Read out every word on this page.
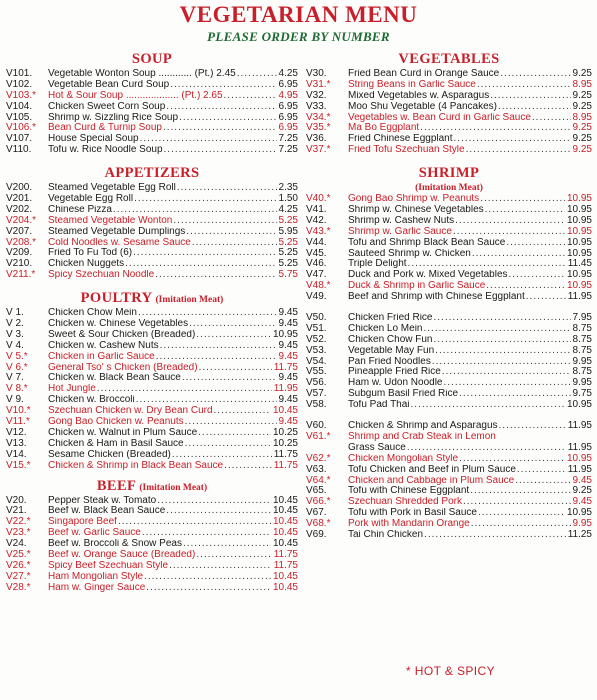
VEGETARIAN MENU
PLEASE ORDER BY NUMBER
SOUP
V101.	Vegetable Wonton Soup ............ (Pt.) 2.45 .....	4.25
V102.	Vegetable Bean Curd Soup .....	6.95
V103.*	Hot & Sour Soup ................... (Pt.) 2.65 .....	4.95
V104.	Chicken Sweet Corn Soup .....	6.95
V105.	Shrimp w. Sizzling Rice Soup .....	6.95
V106.*	Bean Curd & Turnip Soup .....	6.95
V107.	House Special Soup .....	7.25
V110.	Tofu w. Rice Noodle Soup .....	7.25
APPETIZERS
V200.	Steamed Vegetable Egg Roll .....	2.35
V201.	Vegetable Egg Roll .....	1.50
V202.	Chinese Pizza .....	4.25
V204.*	Steamed Vegetable Wonton .....	5.25
V207.	Steamed Vegetable Dumplings .....	5.95
V208.*	Cold Noodles w. Sesame Sauce .....	5.25
V209.	Fried To Fu Tod (6) .....	5.25
V210.	Chicken Nuggets .....	5.25
V211.*	Spicy Szechuan Noodle .....	5.75
POULTRY (Imitation Meat)
V 1.	Chicken Chow Mein .....	9.45
V 2.	Chicken w. Chinese Vegetables .....	9.45
V 3.	Sweet & Sour Chicken (Breaded) .....	10.95
V 4.	Chicken w. Cashew Nuts .....	9.45
V 5.*	Chicken in Garlic Sauce .....	9.45
V 6.*	General Tso' s Chicken (Breaded) .....	11.75
V 7.	Chicken w. Black Bean Sauce .....	9.45
V 8.*	Hot Jungle .....	11.95
V 9.	Chicken w. Broccoli .....	9.45
V10.*	Szechuan Chicken w. Dry Bean Curd .....	10.45
V11.*	Gong Bao Chicken w. Peanuts .....	9.45
V12.	Chicken w. Walnut in Plum Sauce .....	10.25
V13.	Chicken & Ham in Basil Sauce .....	10.25
V14.	Sesame Chicken (Breaded) .....	11.75
V15.*	Chicken & Shrimp in Black Bean Sauce .....	11.75
BEEF (Imitation Meat)
V20.	Pepper Steak w. Tomato .....	10.45
V21.	Beef w. Black Bean Sauce .....	10.45
V22.*	Singapore Beef .....	10.45
V23.*	Beef w. Garlic Sauce .....	10.45
V24.	Beef w. Broccoli & Snow Peas .....	10.45
V25.*	Beef w. Orange Sauce (Breaded) .....	11.75
V26.*	Spicy Beef Szechuan Style .....	11.75
V27.*	Ham Mongolian Style .....	10.45
V28.*	Ham w. Ginger Sauce .....	10.45
VEGETABLES
V30.	Fried Bean Curd in Orange Sauce .....	9.25
V31.*	String Beans in Garlic Sauce .....	8.95
V32.	Mixed Vegetables w. Asparagus .....	9.25
V33.	Moo Shu Vegetable (4 Pancakes) .....	9.25
V34.*	Vegetables w. Bean Curd in Garlic Sauce .....	8.95
V35.*	Ma Bo Eggplant .....	9.25
V36.	Fried Chinese Eggplant .....	9.25
V37.*	Fried Tofu Szechuan Style .....	9.25
SHRIMP
(Imitation Meat)
V40.*	Gong Bao Shrimp w. Peanuts .....	10.95
V41.	Shrimp w. Chinese Vegetables .....	10.95
V42.	Shrimp w. Cashew Nuts .....	10.95
V43.*	Shrimp w. Garlic Sauce .....	10.95
V44.	Tofu and Shrimp Black Bean Sauce .....	10.95
V45.	Sauteed Shrimp w. Chicken .....	10.95
V46.	Triple Delight .....	11.45
V47.	Duck and Pork w. Mixed Vegetables .....	10.95
V48.*	Duck & Shrimp in Garlic Sauce .....	10.95
V49.	Beef and Shrimp with Chinese Eggplant .....	11.95
V50.	Chicken Fried Rice .....	7.95
V51.	Chicken Lo Mein .....	8.75
V52.	Chicken Chow Fun .....	8.75
V53.	Vegetable May Fun .....	8.75
V54.	Pan Fried Noodles .....	9.95
V55.	Pineapple Fried Rice .....	8.75
V56.	Ham w. Udon Noodle .....	9.95
V57.	Subgum Basil Fried Rice .....	9.75
V58.	Tofu Pad Thai .....	10.95
V60.	Chicken & Shrimp and Asparagus .....	11.95
V61.*	Shrimp and Crab Steak in Lemon
Grass Sauce .....	11.95
V62.*	Chicken Mongolian Style .....	10.95
V63.	Tofu Chicken and Beef in Plum Sauce .....	11.95
V64.*	Chicken and Cabbage in Plum Sauce .....	9.45
V65.	Tofu with Chinese Eggplant .....	9.25
V66.*	Szechuan Shredded Pork .....	9.45
V67.	Tofu with Pork in Basil Sauce .....	10.95
V68.*	Pork with Mandarin Orange .....	9.95
V69.	Tai Chin Chicken .....	11.25
* HOT & SPICY
